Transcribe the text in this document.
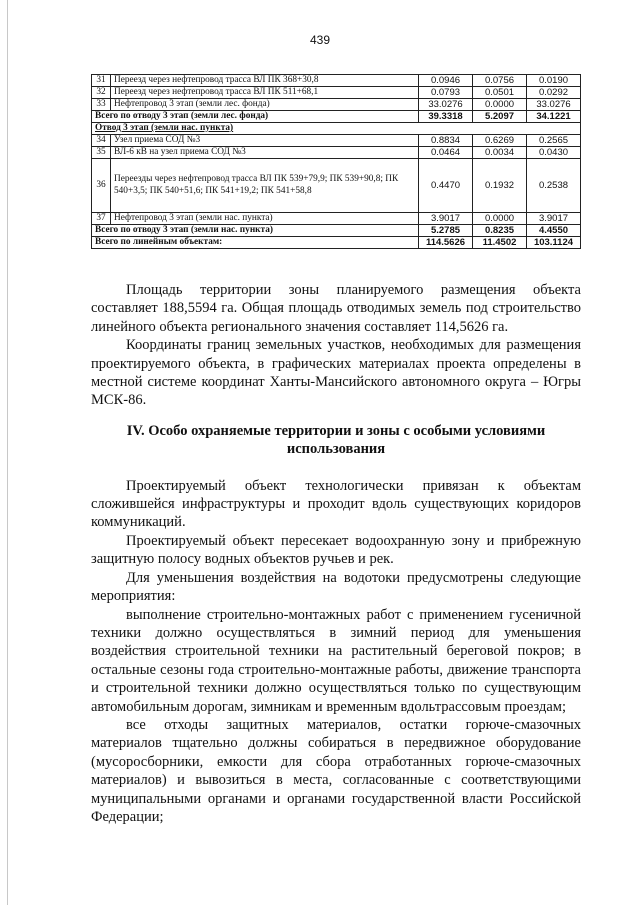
439
31	Переезд через нефтепровод трасса ВЛ ПК 368+30,8	0.0946	0.0756	0.0190
32	Переезд через нефтепровод трасса ВЛ ПК 511+68,1	0.0793	0.0501	0.0292
33	Нефтепровод 3 этап (земли лес. фонда)	33.0276	0.0000	33.0276
Всего по отводу 3 этап (земли лес. фонда)		39.3318	5.2097	34.1221
Отвод 3 этап (земли нас. пункта)				
34	Узел приема СОД №3	0.8834	0.6269	0.2565
35	ВЛ-6 кВ на узел приема СОД №3	0.0464	0.0034	0.0430
36	Переезды через нефтепровод трасса ВЛ ПК 539+79,9; ПК 539+90,8; ПК 540+3,5; ПК 540+51,6; ПК 541+19,2; ПК 541+58,8	0.4470	0.1932	0.2538
37	Нефтепровод 3 этап (земли нас. пункта)	3.9017	0.0000	3.9017
Всего по отводу 3 этап (земли нас. пункта)		5.2785	0.8235	4.4550
Всего по линейным объектам:		114.5626	11.4502	103.1124

Площадь территории зоны планируемого размещения объекта составляет 188,5594 га. Общая площадь отводимых земель под строительство линейного объекта регионального значения составляет 114,5626 га.

Координаты границ земельных участков, необходимых для размещения проектируемого объекта, в графических материалах проекта определены в местной системе координат Ханты-Мансийского автономного округа – Югры МСК-86.

IV. Особо охраняемые территории и зоны с особыми условиями использования

Проектируемый объект технологически привязан к объектам сложившейся инфраструктуры и проходит вдоль существующих коридоров коммуникаций.

Проектируемый объект пересекает водоохранную зону и прибрежную защитную полосу водных объектов ручьев и рек.

Для уменьшения воздействия на водотоки предусмотрены следующие мероприятия:

выполнение строительно-монтажных работ с применением гусеничной техники должно осуществляться в зимний период для уменьшения воздействия строительной техники на растительный береговой покров; в остальные сезоны года строительно-монтажные работы, движение транспорта и строительной техники должно осуществляться только по существующим автомобильным дорогам, зимникам и временным вдольтрассовым проездам;

все отходы защитных материалов, остатки горюче-смазочных материалов тщательно должны собираться в передвижное оборудование (мусоросборники, емкости для сбора отработанных горюче-смазочных материалов) и вывозиться в места, согласованные с соответствующими муниципальными органами и органами государственной власти Российской Федерации;
